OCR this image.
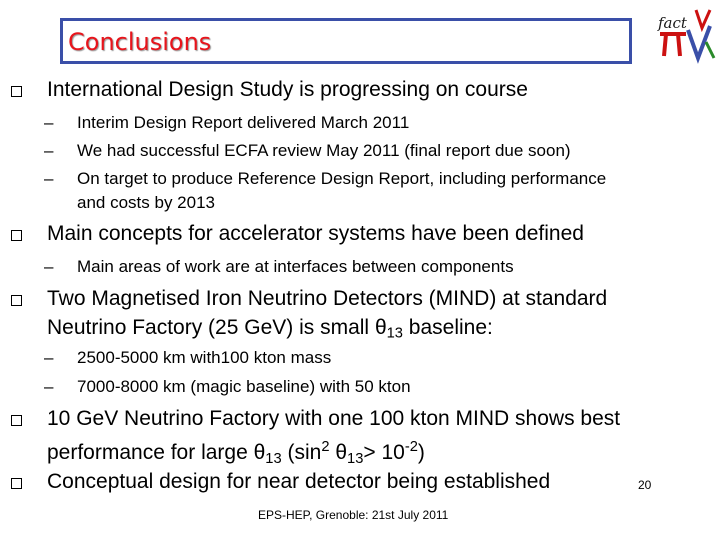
Conclusions
fact
International Design Study is progressing on course
– Interim Design Report delivered March 2011
– We had successful ECFA review May 2011 (final report due soon)
– On target to produce Reference Design Report, including performance
and costs by 2013
Main concepts for accelerator systems have been defined
– Main areas of work are at interfaces between components
Two Magnetised Iron Neutrino Detectors (MIND) at standard
Neutrino Factory (25 GeV) is small $\theta_{13}$ baseline:
– 2500-5000 km with100 kton mass
– 7000-8000 km (magic baseline) with 50 kton
10 GeV Neutrino Factory with one 100 kton MIND shows best
performance for large $\theta_{13}$ ($\sin^2$ $\theta_{13}> 10^{-2}$)
Conceptual design for near detector being established
EPS-HEP, Grenoble: 21st July 2011
20
